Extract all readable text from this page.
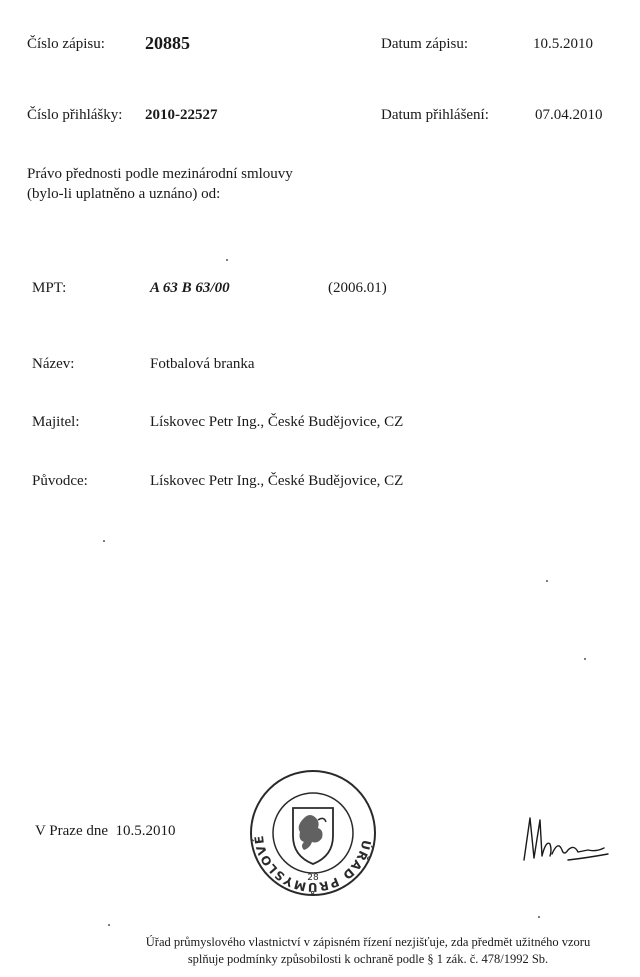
Číslo zápisu: 20885	Datum zápisu:	10.5.2010
Číslo přihlášky: 2010-22527	Datum přihlášení:	07.04.2010
Právo přednosti podle mezinárodní smlouvy
(bylo-li uplatněno a uznáno) od:
MPT:	A 63 B 63/00	(2006.01)
Název:	Fotbalová branka
Majitel:	Lískovec Petr Ing., České Budějovice, CZ
Původce:	Lískovec Petr Ing., České Budějovice, CZ
V Praze dne  10.5.2010
ÚŘAD PRŮMYSLOVÉ
28
Úřad průmyslového vlastnictví v zápisném řízení nezjišťuje, zda předmět užitného vzoru
splňuje podmínky způsobilosti k ochraně podle § 1 zák. č. 478/1992 Sb.
